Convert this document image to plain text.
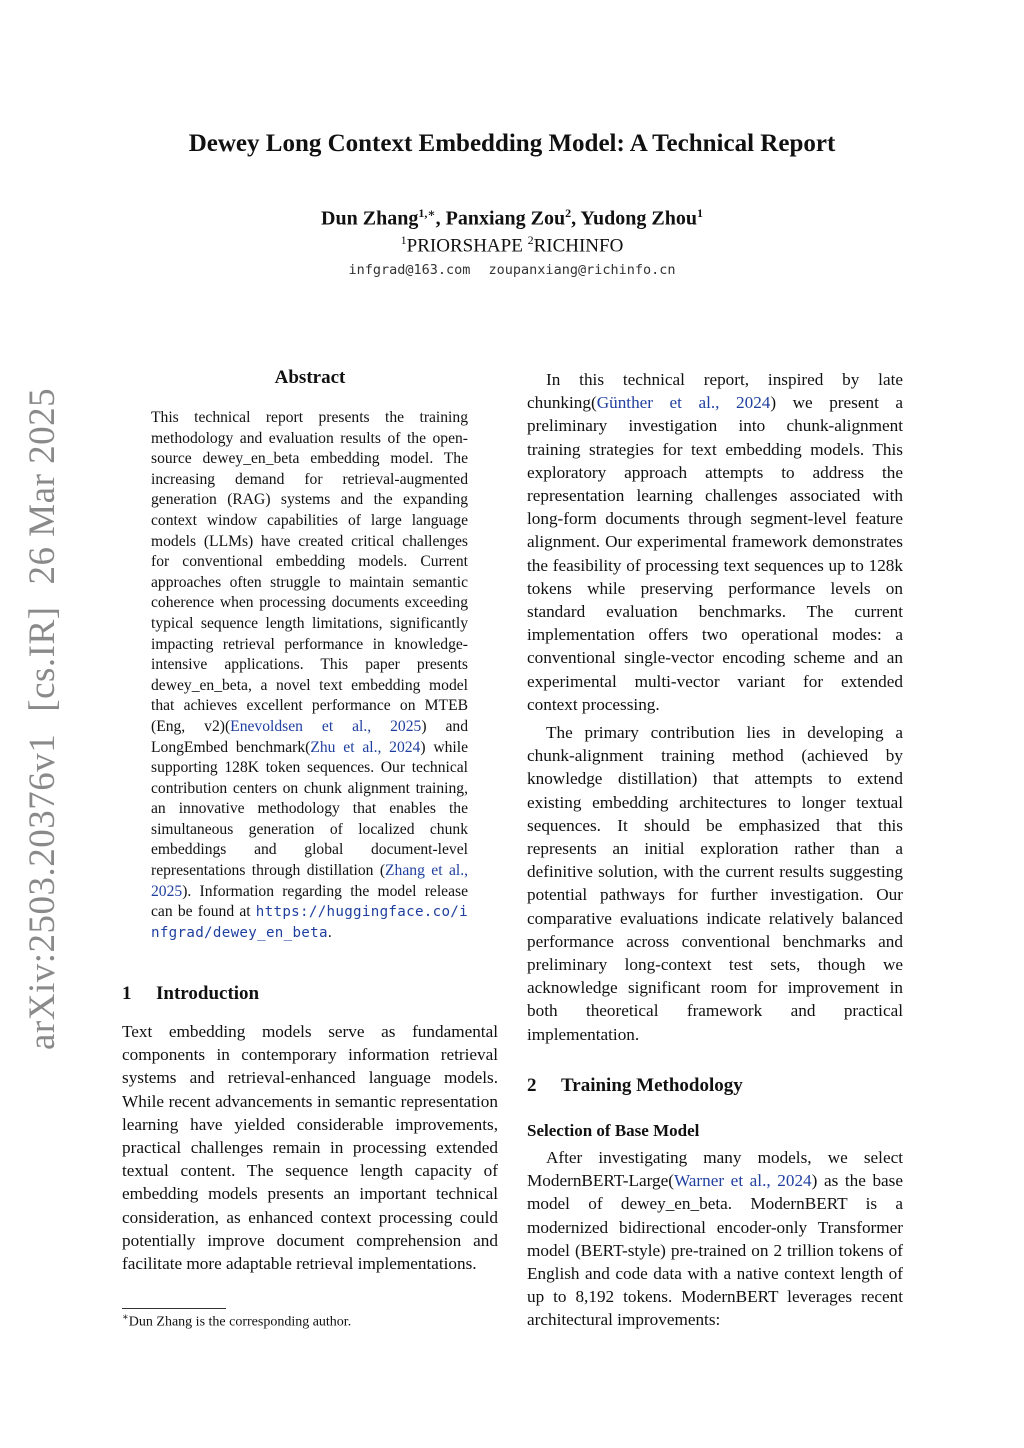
arXiv:2503.20376v1
[cs.IR]
26 Mar 2025
Dewey Long Context Embedding Model: A Technical Report
Dun Zhang$^{1,∗}$, Panxiang Zou$^2$, Yudong Zhou$^1$
$^1$PRIORSHAPE $^2$RICHINFO
infgrad@163.com zoupanxiang@richinfo.cn
Abstract
This technical report presents the training methodology and evaluation results of the open-source dewey_en_beta embedding model. The increasing demand for retrieval-augmented generation (RAG) systems and the expanding context window capabilities of large language models (LLMs) have created critical challenges for conventional embedding models. Current approaches often struggle to maintain semantic coherence when processing documents exceeding typical sequence length limitations, significantly impacting retrieval performance in knowledge-intensive applications. This paper presents dewey_en_beta, a novel text embedding model that achieves excellent performance on MTEB (Eng, v2)(Enevoldsen et al., 2025) and LongEmbed benchmark(Zhu et al., 2024) while supporting 128K token sequences. Our technical contribution centers on chunk alignment training, an innovative methodology that enables the simultaneous generation of localized chunk embeddings and global document-level representations through distillation (Zhang et al., 2025). Information regarding the model release can be found at https://huggingface.co/infgrad/dewey_en_beta.
1 Introduction

Text embedding models serve as fundamental components in contemporary information retrieval systems and retrieval-enhanced language models. While recent advancements in semantic representation learning have yielded considerable improvements, practical challenges remain in processing extended textual content. The sequence length capacity of embedding models presents an important technical consideration, as enhanced context processing could potentially improve document comprehension and facilitate more adaptable retrieval implementations.

∗Dun Zhang is the corresponding author.

In this technical report, inspired by late chunking(Günther et al., 2024) we present a preliminary investigation into chunk-alignment training strategies for text embedding models. This exploratory approach attempts to address the representation learning challenges associated with long-form documents through segment-level feature alignment. Our experimental framework demonstrates the feasibility of processing text sequences up to 128k tokens while preserving performance levels on standard evaluation benchmarks. The current implementation offers two operational modes: a conventional single-vector encoding scheme and an experimental multi-vector variant for extended context processing.

The primary contribution lies in developing a chunk-alignment training method (achieved by knowledge distillation) that attempts to extend existing embedding architectures to longer textual sequences. It should be emphasized that this represents an initial exploration rather than a definitive solution, with the current results suggesting potential pathways for further investigation. Our comparative evaluations indicate relatively balanced performance across conventional benchmarks and preliminary long-context test sets, though we acknowledge significant room for improvement in both theoretical framework and practical implementation.

2 Training Methodology
Selection of Base Model

After investigating many models, we select ModernBERT-Large(Warner et al., 2024) as the base model of dewey_en_beta. ModernBERT is a modernized bidirectional encoder-only Transformer model (BERT-style) pre-trained on 2 trillion tokens of English and code data with a native context length of up to 8,192 tokens. ModernBERT leverages recent architectural improvements:
